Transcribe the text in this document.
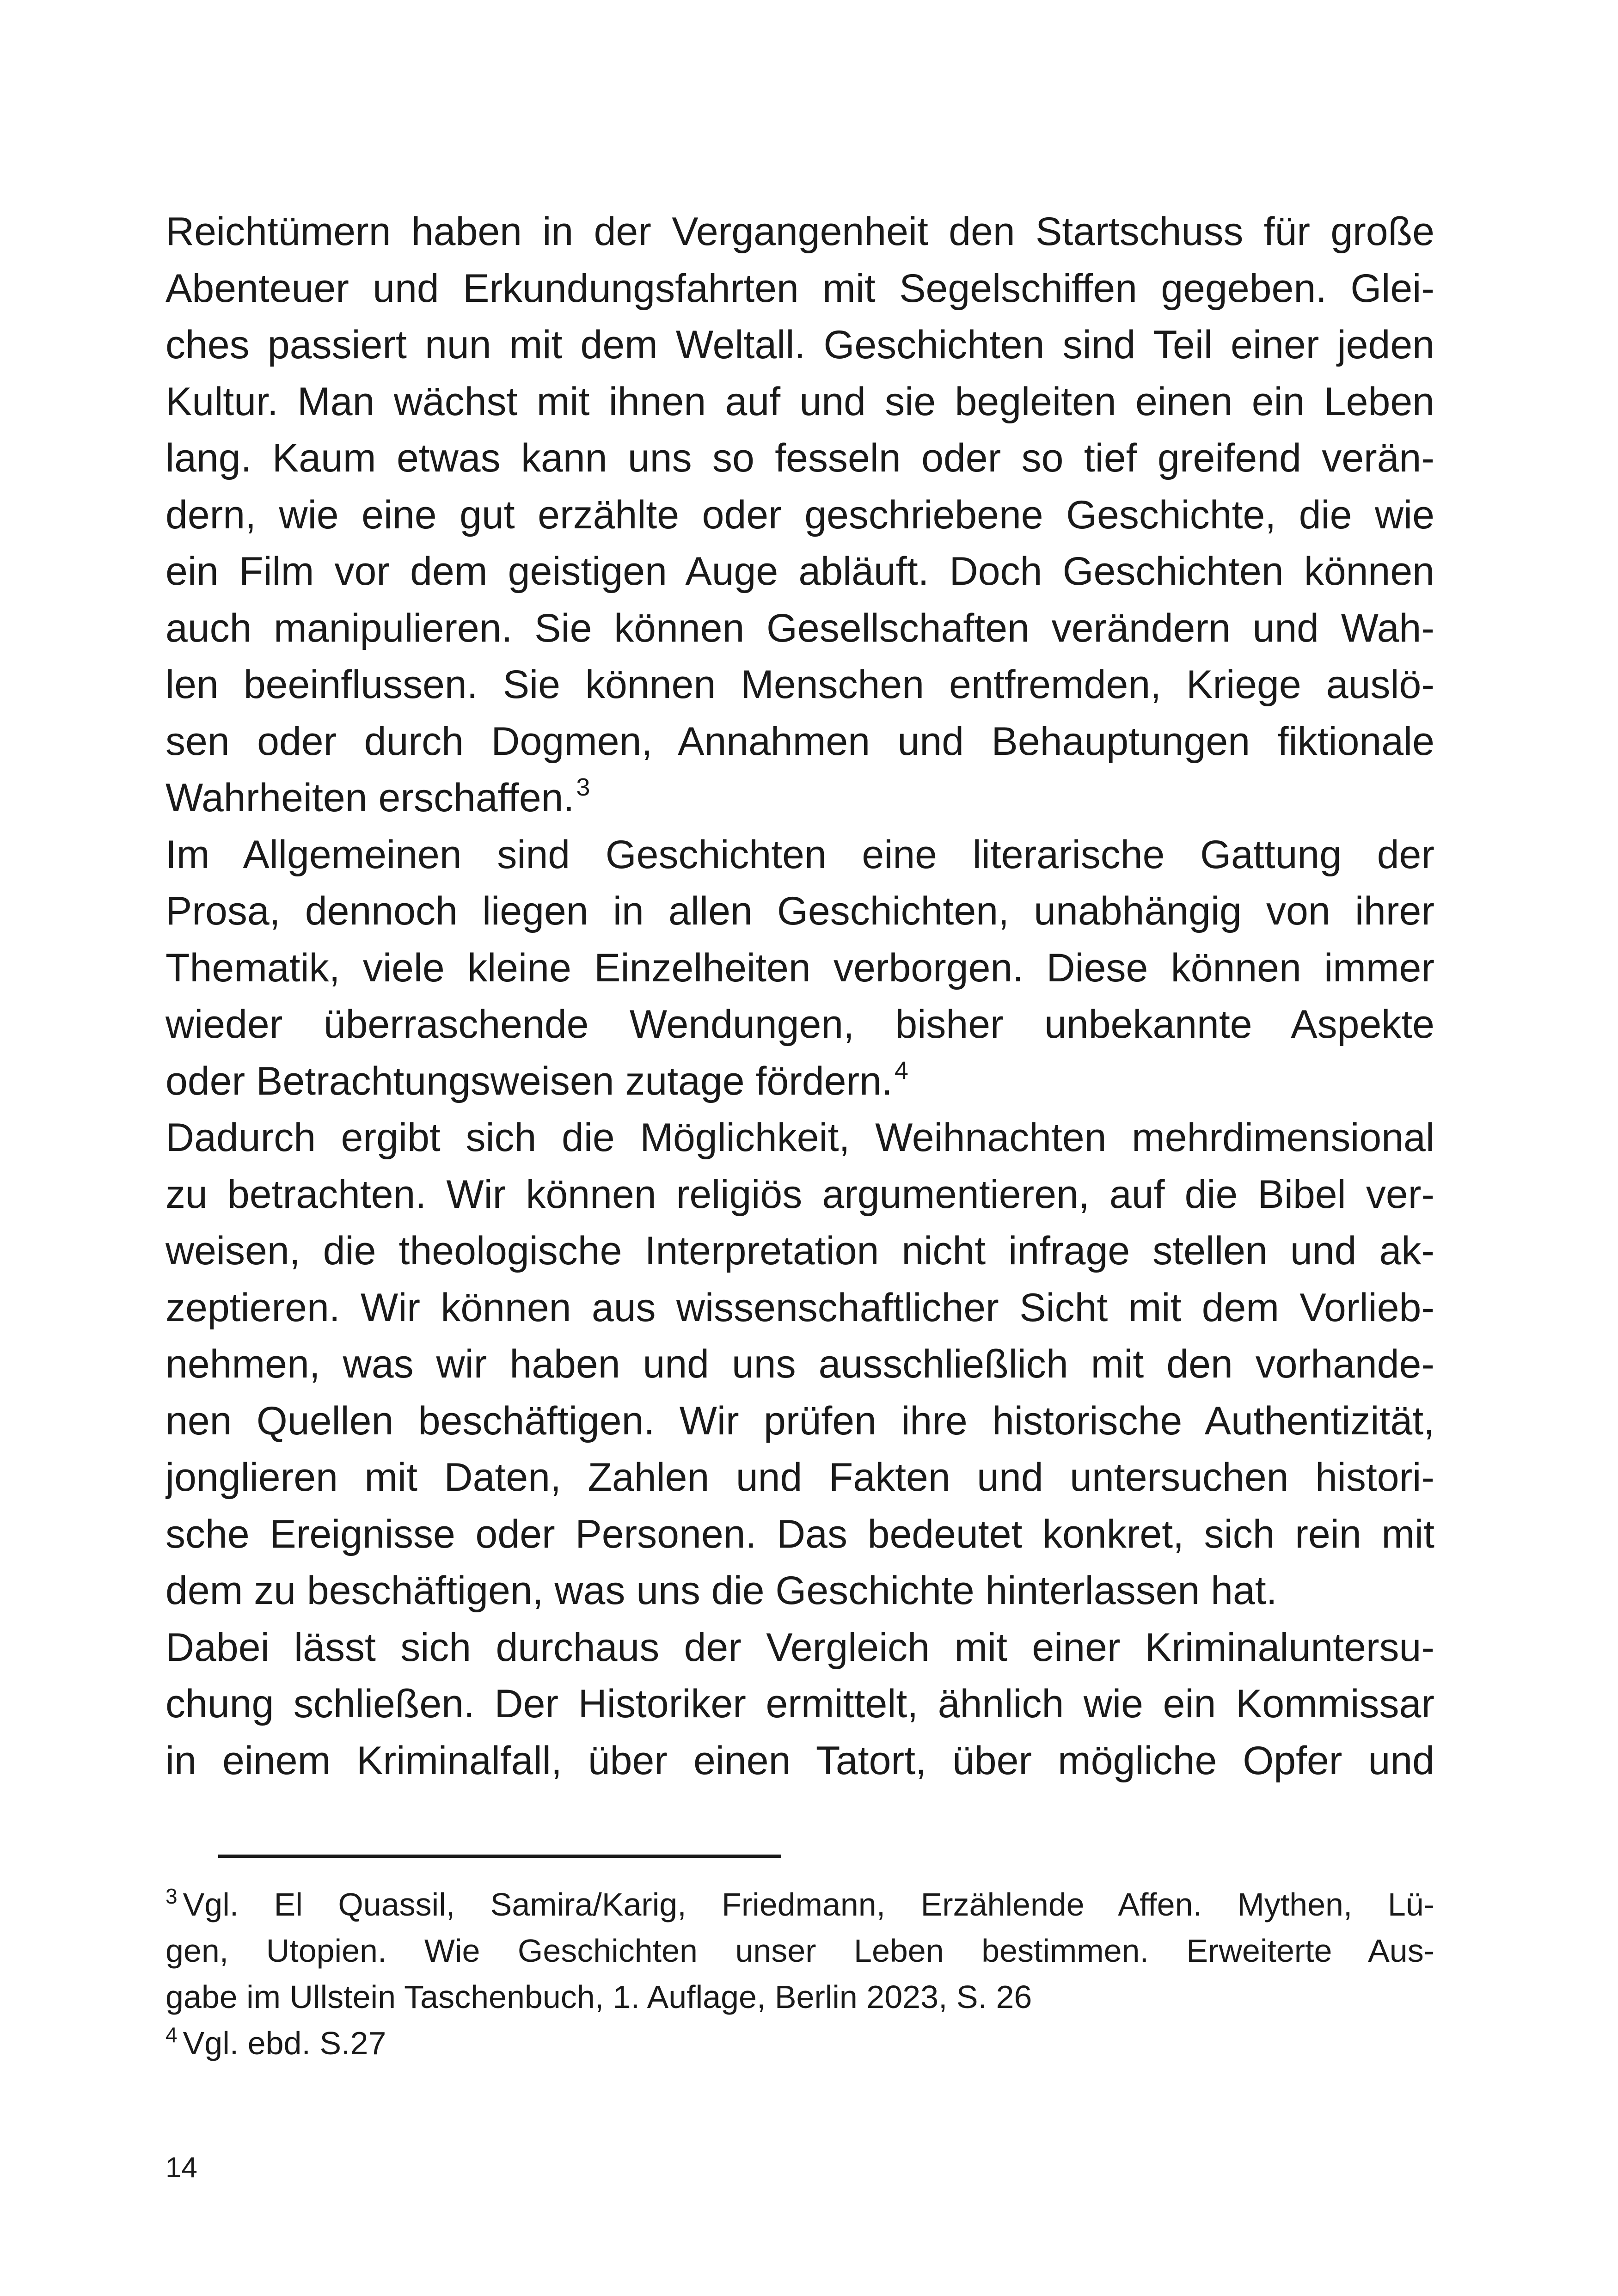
Reichtümern haben in der Vergangenheit den Startschuss für große
Abenteuer und Erkundungsfahrten mit Segelschiffen gegeben. Glei-
ches passiert nun mit dem Weltall. Geschichten sind Teil einer jeden
Kultur. Man wächst mit ihnen auf und sie begleiten einen ein Leben
lang. Kaum etwas kann uns so fesseln oder so tief greifend verän-
dern, wie eine gut erzählte oder geschriebene Geschichte, die wie
ein Film vor dem geistigen Auge abläuft. Doch Geschichten können
auch manipulieren. Sie können Gesellschaften verändern und Wah-
len beeinflussen. Sie können Menschen entfremden, Kriege auslö-
sen oder durch Dogmen, Annahmen und Behauptungen fiktionale
Wahrheiten erschaffen.$^3$
Im Allgemeinen sind Geschichten eine literarische Gattung der
Prosa, dennoch liegen in allen Geschichten, unabhängig von ihrer
Thematik, viele kleine Einzelheiten verborgen. Diese können immer
wieder überraschende Wendungen, bisher unbekannte Aspekte
oder Betrachtungsweisen zutage fördern.$^4$
Dadurch ergibt sich die Möglichkeit, Weihnachten mehrdimensional
zu betrachten. Wir können religiös argumentieren, auf die Bibel ver-
weisen, die theologische Interpretation nicht infrage stellen und ak-
zeptieren. Wir können aus wissenschaftlicher Sicht mit dem Vorlieb-
nehmen, was wir haben und uns ausschließlich mit den vorhande-
nen Quellen beschäftigen. Wir prüfen ihre historische Authentizität,
jonglieren mit Daten, Zahlen und Fakten und untersuchen histori-
sche Ereignisse oder Personen. Das bedeutet konkret, sich rein mit
dem zu beschäftigen, was uns die Geschichte hinterlassen hat.
Dabei lässt sich durchaus der Vergleich mit einer Kriminaluntersu-
chung schließen. Der Historiker ermittelt, ähnlich wie ein Kommissar
in einem Kriminalfall, über einen Tatort, über mögliche Opfer und
$^3$ Vgl. El Quassil, Samira/Karig, Friedmann, Erzählende Affen. Mythen, Lü-
gen, Utopien. Wie Geschichten unser Leben bestimmen. Erweiterte Aus-
gabe im Ullstein Taschenbuch, 1. Auflage, Berlin 2023, S. 26
$^4$ Vgl. ebd. S.27
14
